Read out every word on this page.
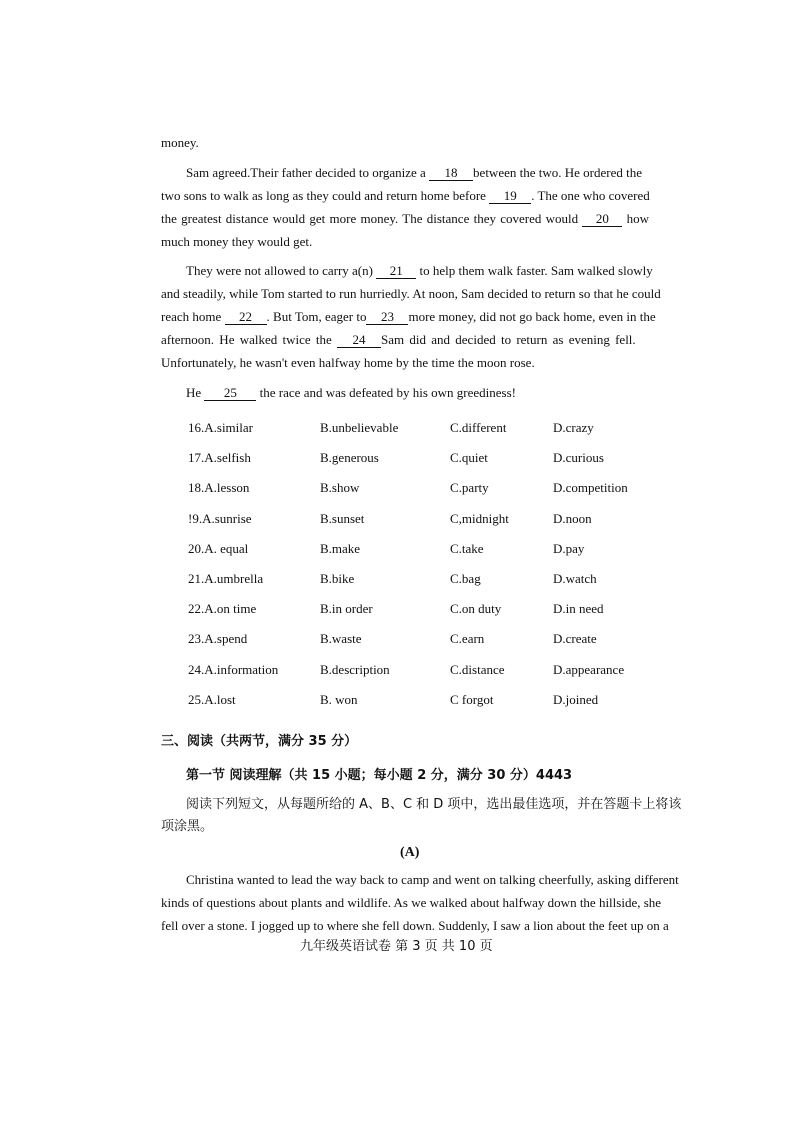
money.
Sam agreed.Their father decided to organize a 18 between the two. He ordered the
two sons to walk as long as they could and return home before 19 . The one who covered
the greatest distance would get more money. The distance they covered would 20 how
much money they would get.
They were not allowed to carry a(n) 21 to help them walk faster. Sam walked slowly
and steadily, while Tom started to run hurriedly. At noon, Sam decided to return so that he could
reach home 22 . But Tom, eager to 23 more money, did not go back home, even in the
afternoon. He walked twice the 24 Sam did and decided to return as evening fell.
Unfortunately, he wasn't even halfway home by the time the moon rose.
He 25 the race and was defeated by his own greediness!
16.A.similar	B.unbelievable	C.different	D.crazy
17.A.selfish	B.generous	C.quiet	D.curious
18.A.lesson	B.show	C.party	D.competition
!9.A.sunrise	B.sunset	C,midnight	D.noon
20.A. equal	B.make	C.take	D.pay
21.A.umbrella	B.bike	C.bag	D.watch
22.A.on time	B.in order	C.on duty	D.in need
23.A.spend	B.waste	C.earn	D.create
24.A.information	B.description	C.distance	D.appearance
25.A.lost	B. won	C forgot	D.joined
三、阅读（共两节，满分 35 分）
第一节 阅读理解（共 15 小题；每小题 2 分，满分 30 分）4443
阅读下列短文，从每题所给的 A、B、C 和 D 项中，选出最佳选项，并在答题卡上将该
项涂黑。
(A)
Christina wanted to lead the way back to camp and went on talking cheerfully, asking different
kinds of questions about plants and wildlife. As we walked about halfway down the hillside, she
fell over a stone. I jogged up to where she fell down. Suddenly, I saw a lion about the feet up on a
九年级英语试卷 第 3 页 共 10 页
